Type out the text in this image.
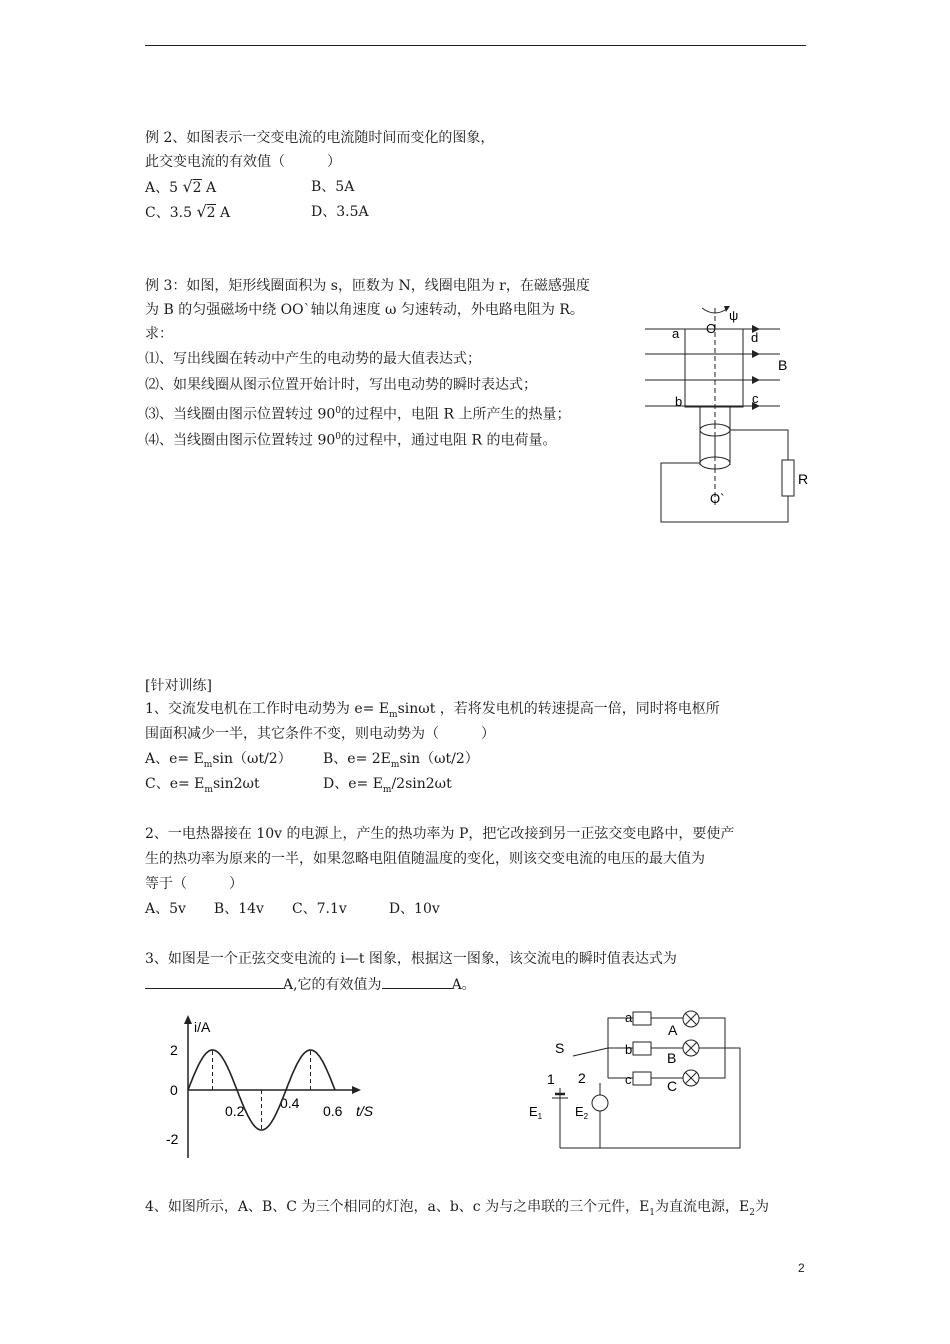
例 2、如图表示一交变电流的电流随时间而变化的图象，
此交变电流的有效值（　　　）
A、5 √2 A	B、5A
C、3.5 √2 A	D、3.5A
例 3：如图，矩形线圈面积为 s，匝数为 N，线圈电阻为 r，在磁感强度
为 B 的匀强磁场中绕 OO`轴以角速度 ω 匀速转动，外电路电阻为 R。
求：
⑴、写出线圈在转动中产生的电动势的最大值表达式；
⑵、如果线圈从图示位置开始计时，写出电动势的瞬时表达式；
⑶、当线圈由图示位置转过 $90^0$的过程中，电阻 R 上所产生的热量；
⑷、当线圈由图示位置转过 $90^0$的过程中，通过电阻 R 的电荷量。
ψ
O
B
a	d
b	c
R
O`
[针对训练]
1、交流发电机在工作时电动势为 $e= E_m\sin\omega t$ ，若将发电机的转速提高一倍，同时将电枢所
围面积减少一半，其它条件不变，则电动势为（　　　）
A、$e= E_m\sin(\omega t/2)$ B、$e= 2E_m\sin(\omega t/2)$
C、$e= E_m\sin 2\omega t$	D、$e= E_m/2\sin 2\omega t$
2、一电热器接在 10v 的电源上，产生的热功率为 P，把它改接到另一正弦交变电路中，要使产
生的热功率为原来的一半，如果忽略电阻值随温度的变化，则该交变电流的电压的最大值为
等于（　　　）
A、5v　　B、14v　　C、7.1v　　　D、10v
3、如图是一个正弦交变电流的 i—t 图象，根据这一图象，该交流电的瞬时值表达式为
A,它的有效值为	A。
i/A
t/S
2
0
-2
0.2	0.4 0.6
a
b
c
A
B
C
S
1
$E_1$
2
$E_2$
4、如图所示，A、B、C 为三个相同的灯泡，a、b、c 为与之串联的三个元件，$E_1$为直流电源，$E_2$为
2
